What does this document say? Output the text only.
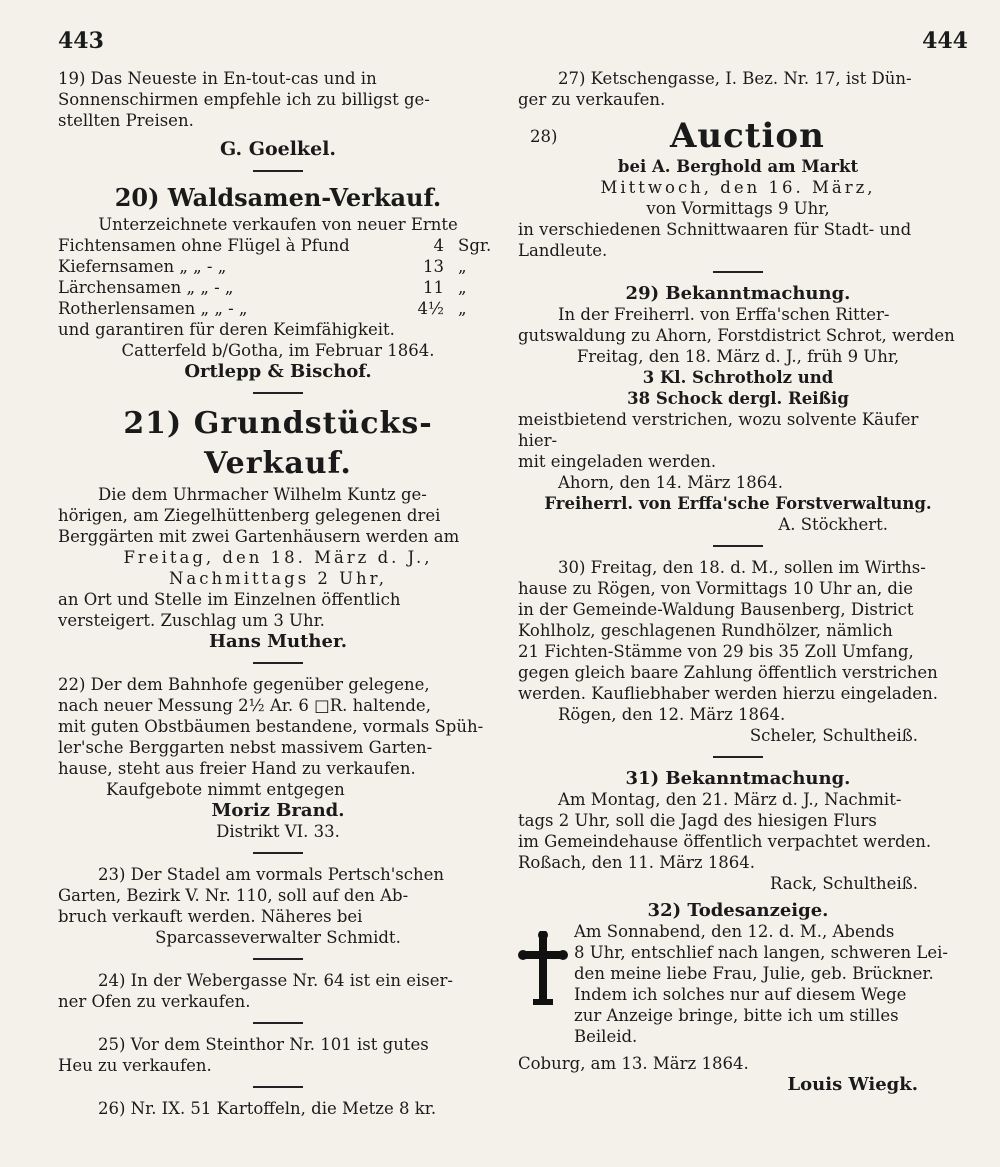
443	444

19) Das Neueste in En-tout-cas und in

Sonnenschirmen empfehle ich zu billigst ge-

stellten Preisen.

G. Goelkel.

20) Waldsamen-Verkauf.

Unterzeichnete verkaufen von neuer Ernte

Fichtensamen ohne Flügel à Pfund	4	Sgr.
Kiefernsamen „ „ - „	13	„
Lärchensamen „ „ - „	11	„
Rotherlensamen „ „ - „	4½	„

und garantiren für deren Keimfähigkeit.

Catterfeld b/Gotha, im Februar 1864.

Ortlepp & Bischof.

21) Grundstücks-Verkauf.

Die dem Uhrmacher Wilhelm Kuntz ge-

hörigen, am Ziegelhüttenberg gelegenen drei

Berggärten mit zwei Gartenhäusern werden am

Freitag, den 18. März d. J.,

Nachmittags 2 Uhr,

an Ort und Stelle im Einzelnen öffentlich

versteigert. Zuschlag um 3 Uhr.

Hans Muther.

22) Der dem Bahnhofe gegenüber gelegene,

nach neuer Messung 2½ Ar. 6 □R. haltende,

mit guten Obstbäumen bestandene, vormals Spüh-

ler'sche Berggarten nebst massivem Garten-

hause, steht aus freier Hand zu verkaufen.

Kaufgebote nimmt entgegen

Moriz Brand.

Distrikt VI. 33.

23) Der Stadel am vormals Pertsch'schen

Garten, Bezirk V. Nr. 110, soll auf den Ab-

bruch verkauft werden. Näheres bei

Sparcasseverwalter Schmidt.

24) In der Webergasse Nr. 64 ist ein eiser-

ner Ofen zu verkaufen.

25) Vor dem Steinthor Nr. 101 ist gutes

Heu zu verkaufen.

26) Nr. IX. 51 Kartoffeln, die Metze 8 kr.

27) Ketschengasse, I. Bez. Nr. 17, ist Dün-

ger zu verkaufen.

28)	Auction

bei A. Berghold am Markt

Mittwoch, den 16. März,

von Vormittags 9 Uhr,

in verschiedenen Schnittwaaren für Stadt- und

Landleute.

29) Bekanntmachung.

In der Freiherrl. von Erffa'schen Ritter-

gutswaldung zu Ahorn, Forstdistrict Schrot, werden

Freitag, den 18. März d. J., früh 9 Uhr,

3 Kl. Schrotholz und

38 Schock dergl. Reißig

meistbietend verstrichen, wozu solvente Käufer hier-

mit eingeladen werden.

Ahorn, den 14. März 1864.

Freiherrl. von Erffa'sche Forstverwaltung.

A. Stöckhert.

30) Freitag, den 18. d. M., sollen im Wirths-

hause zu Rögen, von Vormittags 10 Uhr an, die

in der Gemeinde-Waldung Bausenberg, District

Kohlholz, geschlagenen Rundhölzer, nämlich

21 Fichten-Stämme von 29 bis 35 Zoll Umfang,

gegen gleich baare Zahlung öffentlich verstrichen

werden. Kaufliebhaber werden hierzu eingeladen.

Rögen, den 12. März 1864.

Scheler, Schultheiß.

31) Bekanntmachung.

Am Montag, den 21. März d. J., Nachmit-

tags 2 Uhr, soll die Jagd des hiesigen Flurs

im Gemeindehause öffentlich verpachtet werden.

Roßach, den 11. März 1864.

Rack, Schultheiß.

32) Todesanzeige.

Am Sonnabend, den 12. d. M., Abends

8 Uhr, entschlief nach langen, schweren Lei-

den meine liebe Frau, Julie, geb. Brückner.

Indem ich solches nur auf diesem Wege

zur Anzeige bringe, bitte ich um stilles

Beileid.

Coburg, am 13. März 1864.

Louis Wiegk.
